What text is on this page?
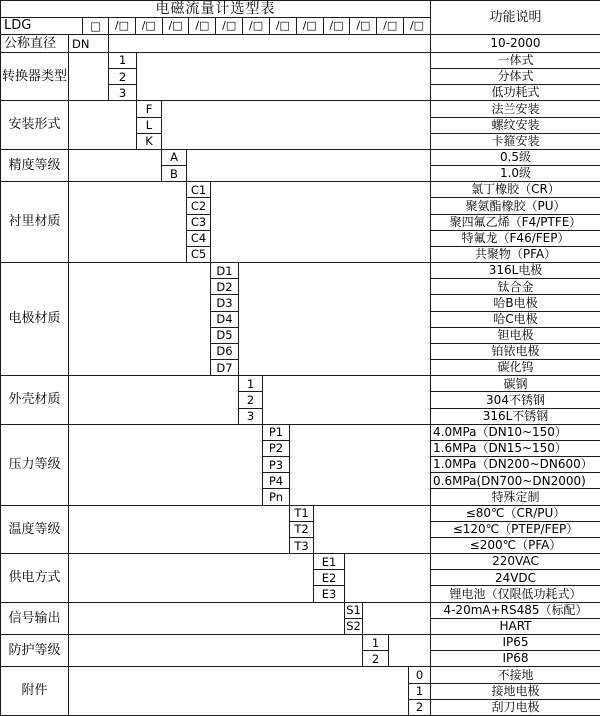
电磁流量计选型表																功能说明
LDG	□	/□	/□	/□	/□	/□	/□	/□	/□	/□	/□	/□	/□

公称直径	DN															10-2000
转换器类型			1													一体式
			2													分体式
			3													低功耗式
安装形式				F												法兰安装
				L												螺纹安装
				K												卡箍安装
精度等级					A											0.5级
					B											1.0级
衬里材质						C1										氯丁橡胶（CR）
						C2										聚氨酯橡胶（PU）
						C3										聚四氟乙烯（F4/PTFE）
						C4										特氟龙（F46/FEP）
						C5										共聚物（PFA）
电极材质							D1									316L电极
							D2									钛合金
							D3									哈B电极
							D4									哈C电极
							D5									钽电极
							D6									铂铱电极
							D7									碳化钨
外壳材质								1								碳钢
								2								304不锈钢
								3								316L不锈钢
压力等级									P1							4.0MPa（DN10~150）
									P2							1.6MPa（DN15~150）
									P3							1.0MPa（DN200~DN600）
									P4							0.6MPa(DN700~DN2000)
									Pn							特殊定制
温度等级										T1						≤80℃（CR/PU）
										T2						≤120℃（PTEP/FEP）
										T3						≤200℃（PFA）
供电方式											E1					220VAC
											E2					24VDC
											E3					锂电池（仅限低功耗式）
信号输出												S1				4-20mA+RS485（标配）
												S2				HART
防护等级													1			IP65
													2			IP68
附件															0	不接地
															1	接地电极
															2	刮刀电极
